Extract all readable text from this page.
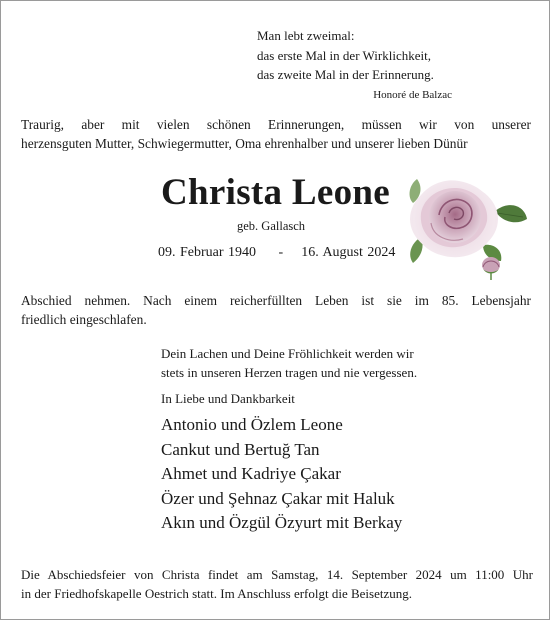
Man lebt zweimal:
das erste Mal in der Wirklichkeit,
das zweite Mal in der Erinnerung.
Honoré de Balzac
Traurig, aber mit vielen schönen Erinnerungen, müssen wir von unserer
herzensguten Mutter, Schwiegermutter, Oma ehrenhalber und unserer lieben Dünür
Christa Leone
geb. Gallasch
09. Februar 1940 - 16. August 2024
Abschied nehmen. Nach einem reicherfüllten Leben ist sie im 85. Lebensjahr
friedlich eingeschlafen.
Dein Lachen und Deine Fröhlichkeit werden wir
stets in unseren Herzen tragen und nie vergessen.
In Liebe und Dankbarkeit
Antonio und Özlem Leone
Cankut und Bertuğ Tan
Ahmet und Kadriye Çakar
Özer und Şehnaz Çakar mit Haluk
Akın und Özgül Özyurt mit Berkay
Die Abschiedsfeier von Christa findet am Samstag, 14. September 2024 um 11:00 Uhr
in der Friedhofskapelle Oestrich statt. Im Anschluss erfolgt die Beisetzung.
